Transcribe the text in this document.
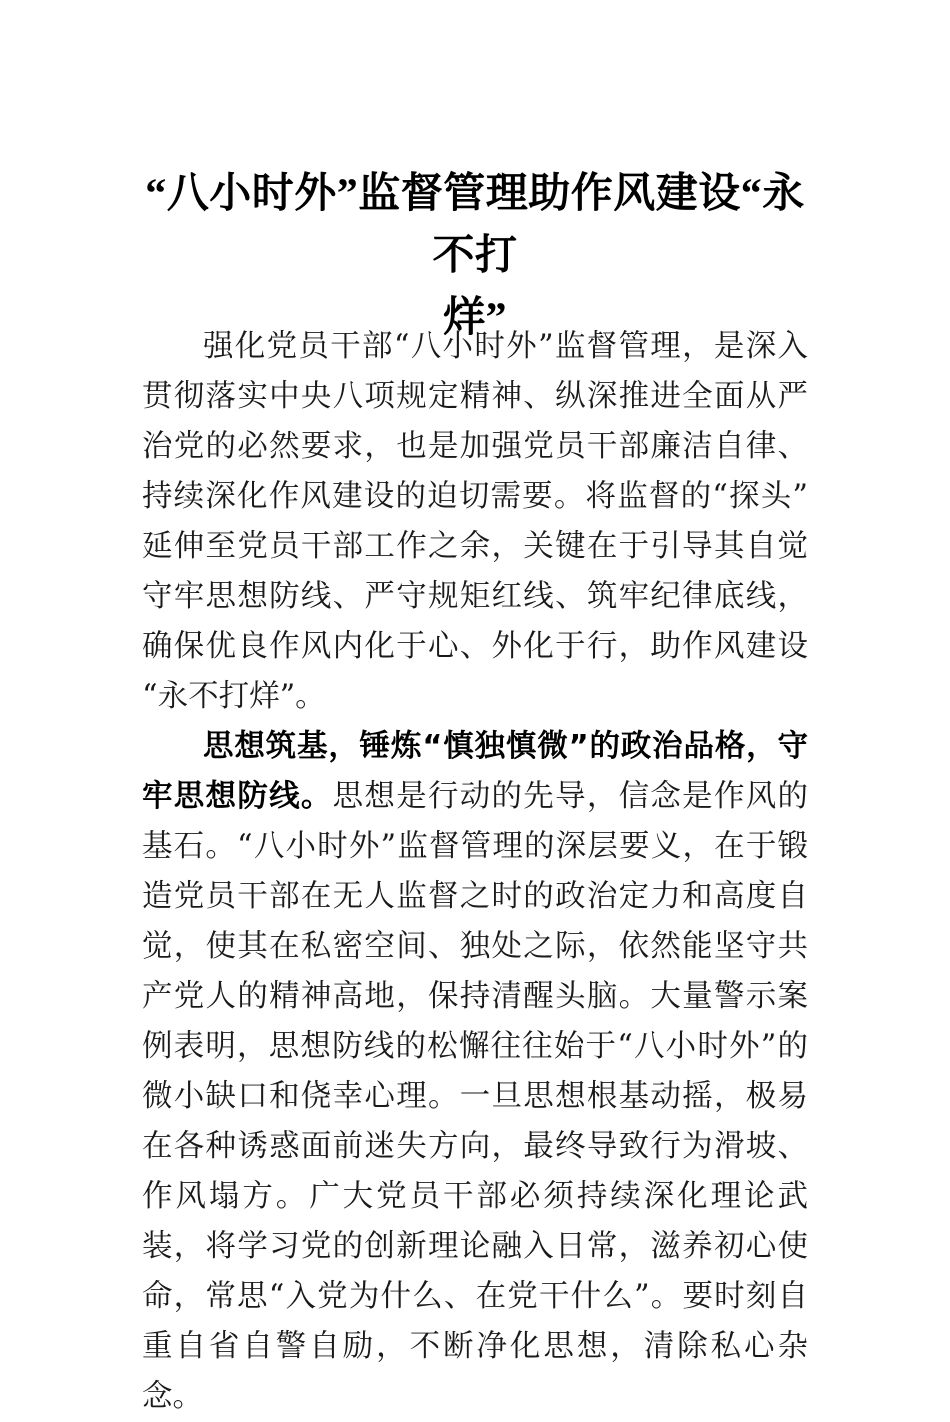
“八小时外”监督管理助作风建设“永不打
烊”

强化党员干部“八小时外”监督管理，是深入贯彻落实中央八项规定精神、纵深推进全面从严治党的必然要求，也是加强党员干部廉洁自律、持续深化作风建设的迫切需要。将监督的“探头”延伸至党员干部工作之余，关键在于引导其自觉守牢思想防线、严守规矩红线、筑牢纪律底线，确保优良作风内化于心、外化于行，助作风建设“永不打烊”。

思想筑基，锤炼“慎独慎微”的政治品格，守牢思想防线。思想是行动的先导，信念是作风的基石。“八小时外”监督管理的深层要义，在于锻造党员干部在无人监督之时的政治定力和高度自觉，使其在私密空间、独处之际，依然能坚守共产党人的精神高地，保持清醒头脑。大量警示案例表明，思想防线的松懈往往始于“八小时外”的微小缺口和侥幸心理。一旦思想根基动摇，极易在各种诱惑面前迷失方向，最终导致行为滑坡、作风塌方。广大党员干部必须持续深化理论武装，将学习党的创新理论融入日常，滋养初心使命，常思“入党为什么、在党干什么”。要时刻自重自省自警自励，不断净化思想，清除私心杂念。
